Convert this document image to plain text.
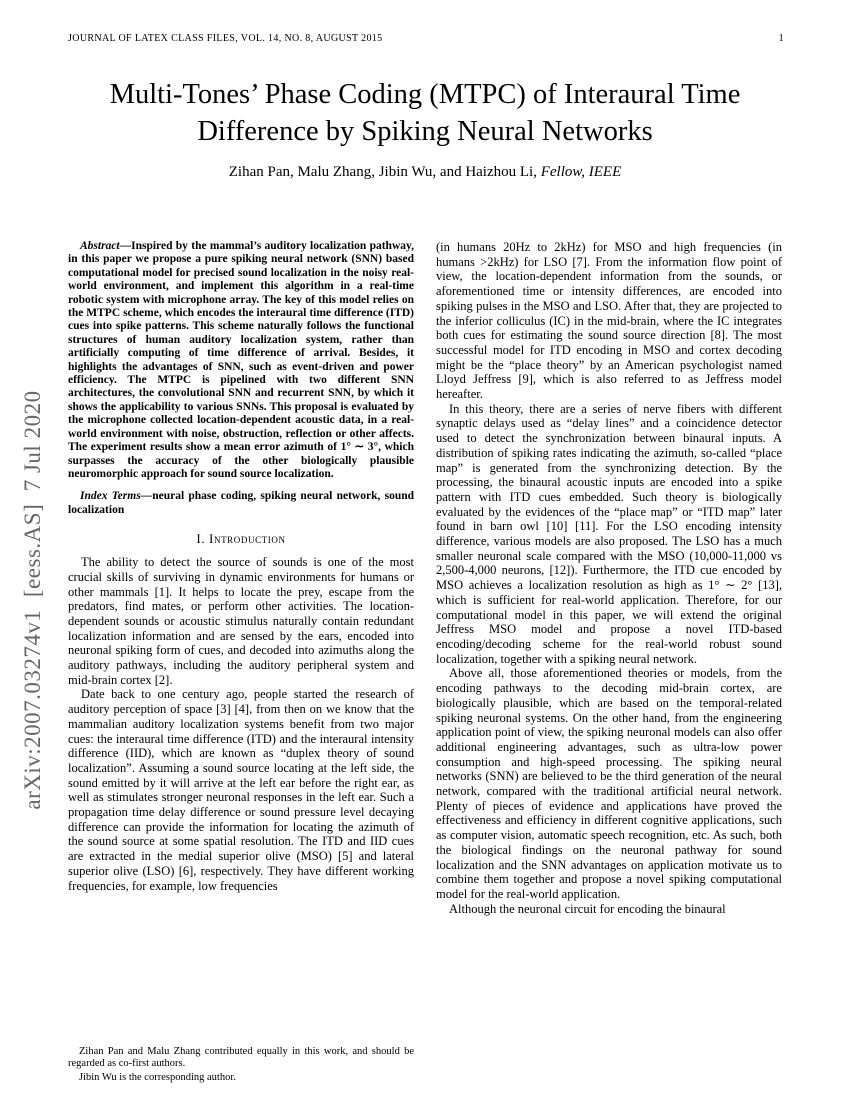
JOURNAL OF LATEX CLASS FILES, VOL. 14, NO. 8, AUGUST 2015	1
arXiv:2007.03274v1  [eess.AS]  7 Jul 2020
Multi-Tones’ Phase Coding (MTPC) of Interaural Time Difference by Spiking Neural Networks
Zihan Pan, Malu Zhang, Jibin Wu, and Haizhou Li, Fellow, IEEE

Abstract—Inspired by the mammal’s auditory localization pathway, in this paper we propose a pure spiking neural network (SNN) based computational model for precised sound localization in the noisy real-world environment, and implement this algorithm in a real-time robotic system with microphone array. The key of this model relies on the MTPC scheme, which encodes the interaural time difference (ITD) cues into spike patterns. This scheme naturally follows the functional structures of human auditory localization system, rather than artificially computing of time difference of arrival. Besides, it highlights the advantages of SNN, such as event-driven and power efficiency. The MTPC is pipelined with two different SNN architectures, the convolutional SNN and recurrent SNN, by which it shows the applicability to various SNNs. This proposal is evaluated by the microphone collected location-dependent acoustic data, in a real-world environment with noise, obstruction, reflection or other affects. The experiment results show a mean error azimuth of 1° ∼ 3°, which surpasses the accuracy of the other biologically plausible neuromorphic approach for sound source localization.

Index Terms—neural phase coding, spiking neural network, sound localization

I. Introduction

The ability to detect the source of sounds is one of the most crucial skills of surviving in dynamic environments for humans or other mammals [1]. It helps to locate the prey, escape from the predators, find mates, or perform other activities. The location-dependent sounds or acoustic stimulus naturally contain redundant localization information and are sensed by the ears, encoded into neuronal spiking form of cues, and decoded into azimuths along the auditory pathways, including the auditory peripheral system and mid-brain cortex [2].

Date back to one century ago, people started the research of auditory perception of space [3] [4], from then on we know that the mammalian auditory localization systems benefit from two major cues: the interaural time difference (ITD) and the interaural intensity difference (IID), which are known as “duplex theory of sound localization”. Assuming a sound source locating at the left side, the sound emitted by it will arrive at the left ear before the right ear, as well as stimulates stronger neuronal responses in the left ear. Such a propagation time delay difference or sound pressure level decaying difference can provide the information for locating the azimuth of the sound source at some spatial resolution. The ITD and IID cues are extracted in the medial superior olive (MSO) [5] and lateral superior olive (LSO) [6], respectively. They have different working frequencies, for example, low frequencies

Zihan Pan and Malu Zhang contributed equally in this work, and should be regarded as co-first authors.

Jibin Wu is the corresponding author.

(in humans 20Hz to 2kHz) for MSO and high frequencies (in humans >2kHz) for LSO [7]. From the information flow point of view, the location-dependent information from the sounds, or aforementioned time or intensity differences, are encoded into spiking pulses in the MSO and LSO. After that, they are projected to the inferior colliculus (IC) in the mid-brain, where the IC integrates both cues for estimating the sound source direction [8]. The most successful model for ITD encoding in MSO and cortex decoding might be the “place theory” by an American psychologist named Lloyd Jeffress [9], which is also referred to as Jeffress model hereafter.

In this theory, there are a series of nerve fibers with different synaptic delays used as “delay lines” and a coincidence detector used to detect the synchronization between binaural inputs. A distribution of spiking rates indicating the azimuth, so-called “place map” is generated from the synchronizing detection. By the processing, the binaural acoustic inputs are encoded into a spike pattern with ITD cues embedded. Such theory is biologically evaluated by the evidences of the “place map” or “ITD map” later found in barn owl [10] [11]. For the LSO encoding intensity difference, various models are also proposed. The LSO has a much smaller neuronal scale compared with the MSO (10,000-11,000 vs 2,500-4,000 neurons, [12]). Furthermore, the ITD cue encoded by MSO achieves a localization resolution as high as 1° ∼ 2° [13], which is sufficient for real-world application. Therefore, for our computational model in this paper, we will extend the original Jeffress MSO model and propose a novel ITD-based encoding/decoding scheme for the real-world robust sound localization, together with a spiking neural network.

Above all, those aforementioned theories or models, from the encoding pathways to the decoding mid-brain cortex, are biologically plausible, which are based on the temporal-related spiking neuronal systems. On the other hand, from the engineering application point of view, the spiking neuronal models can also offer additional engineering advantages, such as ultra-low power consumption and high-speed processing. The spiking neural networks (SNN) are believed to be the third generation of the neural network, compared with the traditional artificial neural network. Plenty of pieces of evidence and applications have proved the effectiveness and efficiency in different cognitive applications, such as computer vision, automatic speech recognition, etc. As such, both the biological findings on the neuronal pathway for sound localization and the SNN advantages on application motivate us to combine them together and propose a novel spiking computational model for the real-world application.

Although the neuronal circuit for encoding the binaural
